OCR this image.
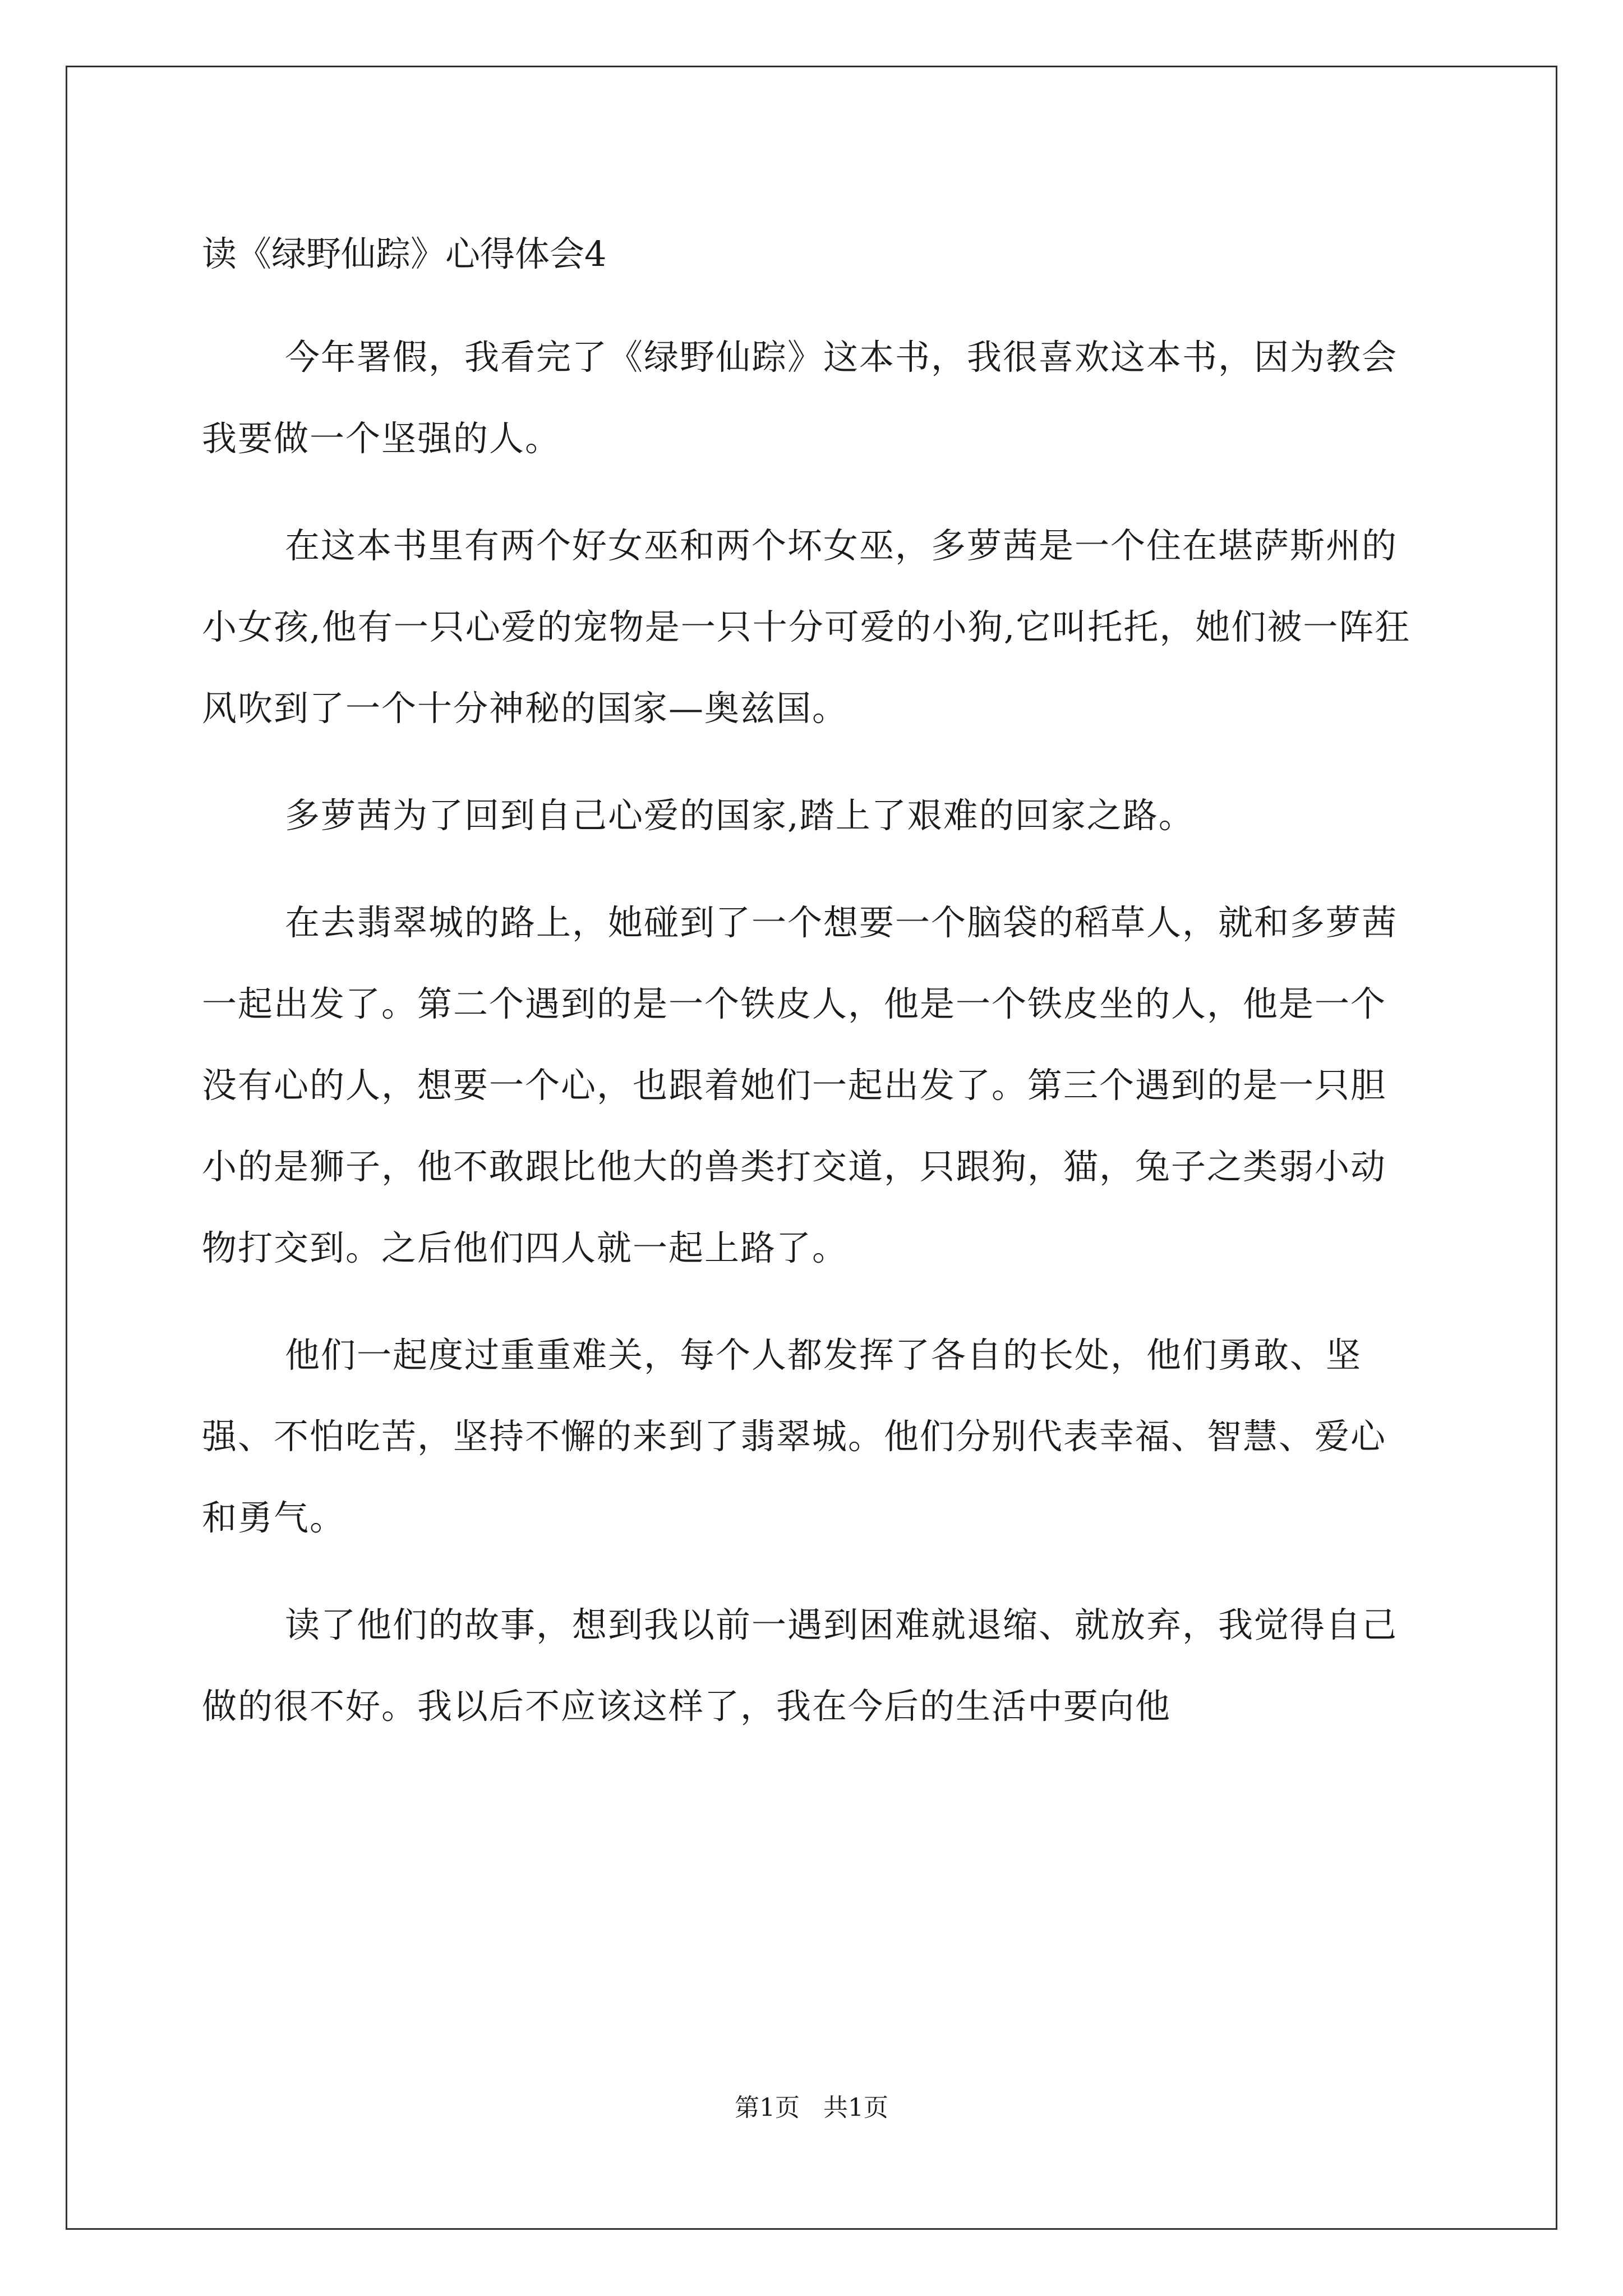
读《绿野仙踪》心得体会4

今年署假，我看完了《绿野仙踪》这本书，我很喜欢这本书，因为教会我要做一个坚强的人。

在这本书里有两个好女巫和两个坏女巫，多萝茜是一个住在堪萨斯州的小女孩,他有一只心爱的宠物是一只十分可爱的小狗,它叫托托，她们被一阵狂风吹到了一个十分神秘的国家—奥兹国。

多萝茜为了回到自己心爱的国家,踏上了艰难的回家之路。

在去翡翠城的路上，她碰到了一个想要一个脑袋的稻草人，就和多萝茜一起出发了。第二个遇到的是一个铁皮人，他是一个铁皮坐的人，他是一个没有心的人，想要一个心，也跟着她们一起出发了。第三个遇到的是一只胆小的是狮子，他不敢跟比他大的兽类打交道，只跟狗，猫，兔子之类弱小动物打交到。之后他们四人就一起上路了。

他们一起度过重重难关，每个人都发挥了各自的长处，他们勇敢、坚强、不怕吃苦，坚持不懈的来到了翡翠城。他们分别代表幸福、智慧、爱心和勇气。

读了他们的故事，想到我以前一遇到困难就退缩、就放弃，我觉得自己做的很不好。我以后不应该这样了，我在今后的生活中要向他

第1页   共1页
